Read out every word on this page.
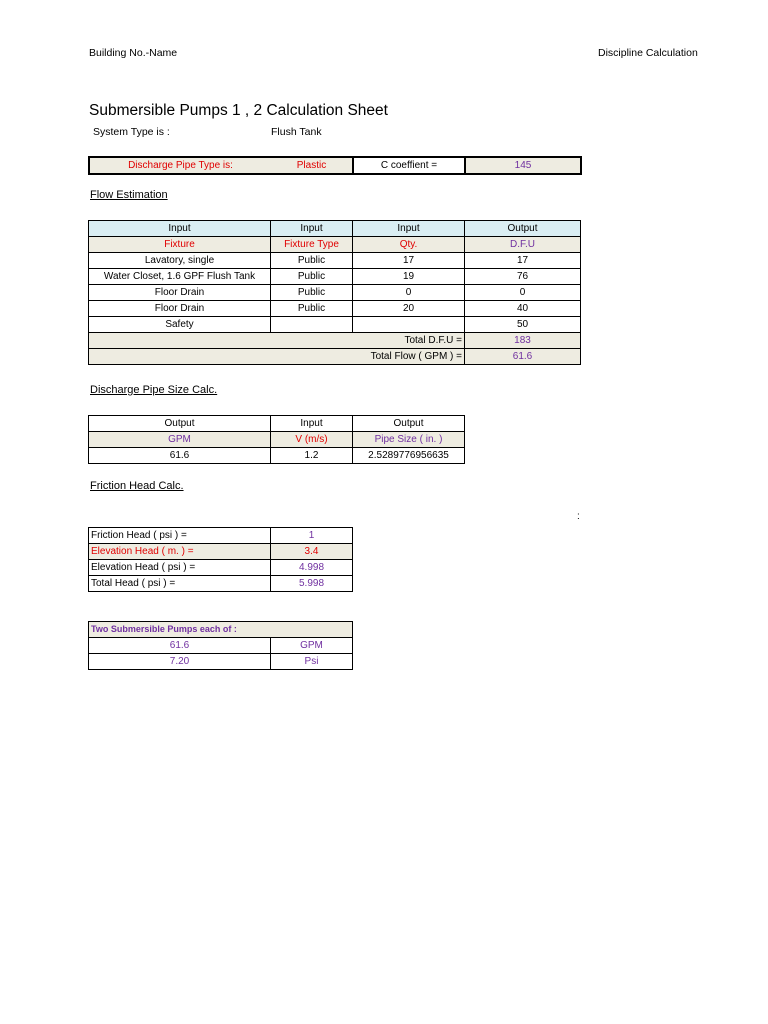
Building No.-Name	Discipline Calculation
Submersible Pumps 1 , 2 Calculation Sheet
System Type is :	Flush Tank
Discharge Pipe Type is:	Plastic	C coeffient =	145
Flow Estimation
Input	Input	Input	Output
Fixture	Fixture Type	Qty.	D.F.U
Lavatory, single	Public	17	17
Water Closet, 1.6 GPF Flush Tank	Public	19	76
Floor Drain	Public	0	0
Floor Drain	Public	20	40
Safety			50
Total D.F.U =			183
Total Flow ( GPM ) =			61.6
Discharge Pipe Size Calc.
Output	Input	Output
GPM	V (m/s)	Pipe Size ( in. )
61.6	1.2	2.5289776956635
Friction Head Calc.
:
Friction Head ( psi ) =	1
Elevation Head ( m. ) =	3.4
Elevation Head ( psi ) =	4.998
Total Head ( psi ) =	5.998
Two Submersible Pumps each of :	
61.6	GPM
7.20	Psi
